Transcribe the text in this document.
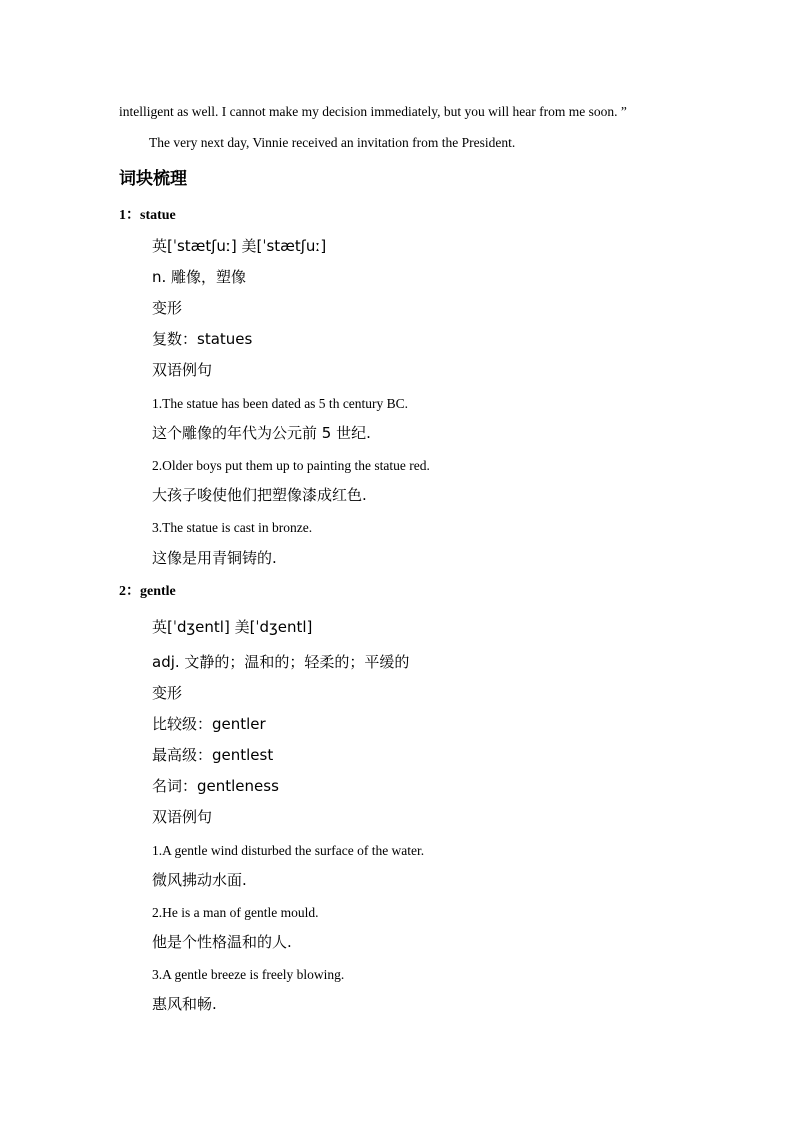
intelligent as well. I cannot make my decision immediately, but you will hear from me soon. ”
The very next day, Vinnie received an invitation from the President.
词块梳理
1：statue
英[ˈstætʃuː] 美[ˈstætʃuː]
n. 雕像，塑像
变形
复数：statues
双语例句
1.The statue has been dated as 5 th century BC.
这个雕像的年代为公元前 5 世纪.
2.Older boys put them up to painting the statue red.
大孩子唆使他们把塑像漆成红色.
3.The statue is cast in bronze.
这像是用青铜铸的.
2：gentle
英[ˈdʒentl] 美[ˈdʒentl]
adj. 文静的；温和的；轻柔的；平缓的
变形
比较级：gentler
最高级：gentlest
名词：gentleness
双语例句
1.A gentle wind disturbed the surface of the water.
微风拂动水面.
2.He is a man of gentle mould.
他是个性格温和的人.
3.A gentle breeze is freely blowing.
惠风和畅.
